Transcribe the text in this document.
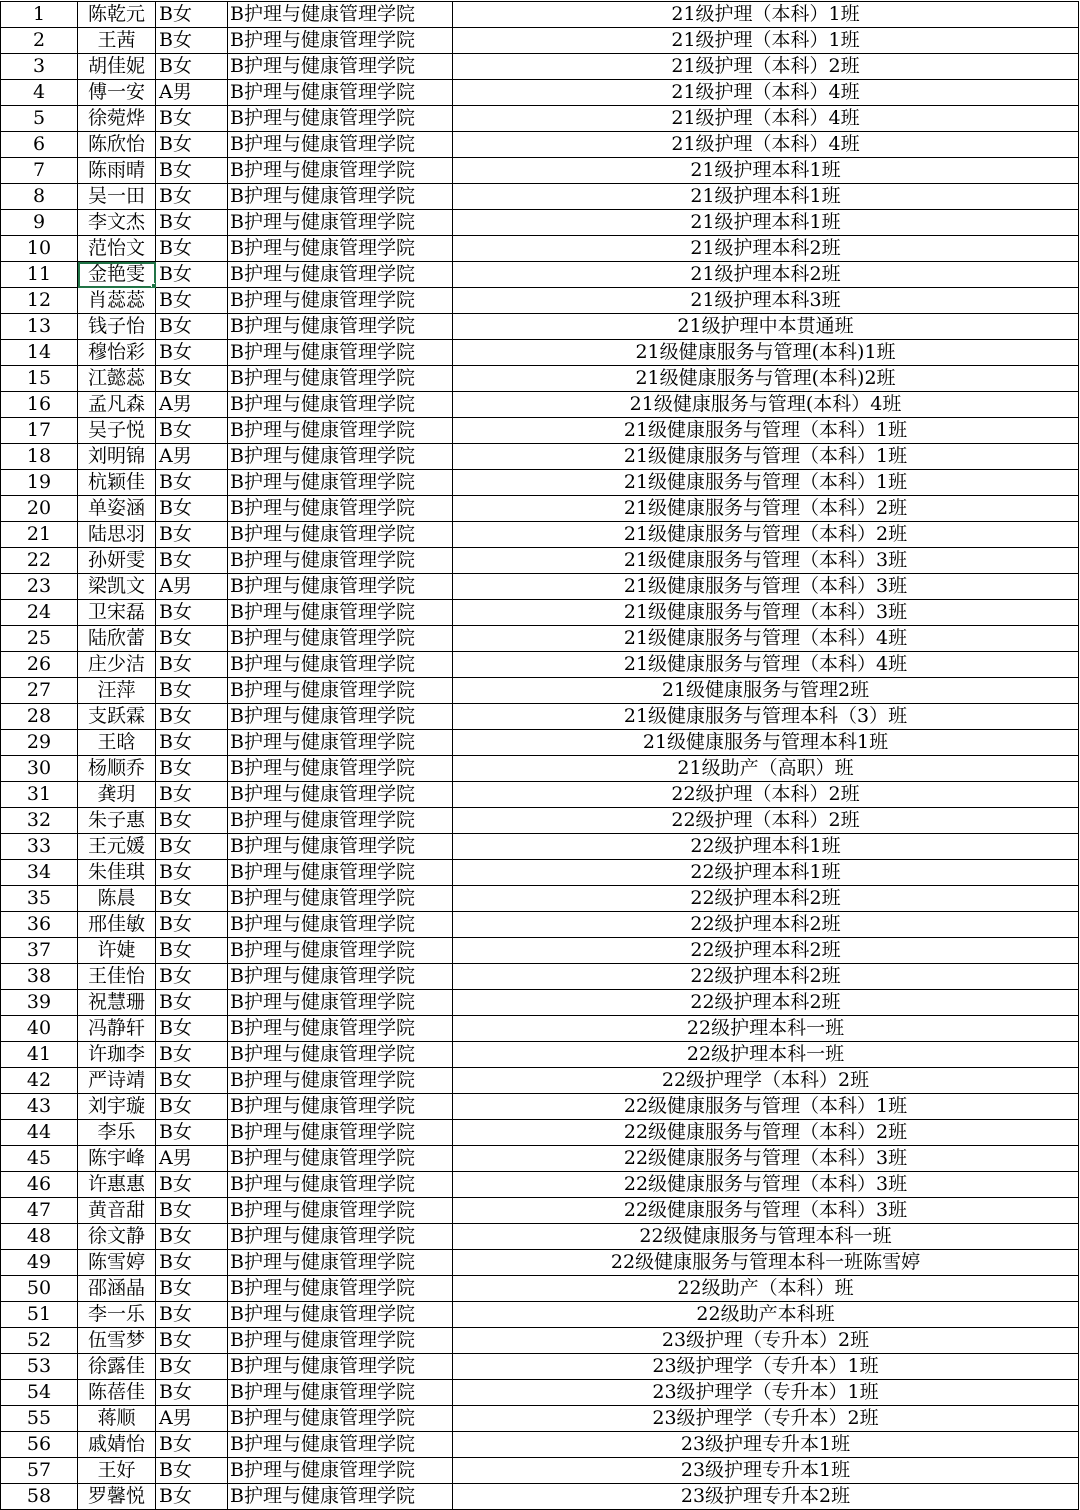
1	陈乾元	B女	B护理与健康管理学院	21级护理（本科）1班
2	王茜	B女	B护理与健康管理学院	21级护理（本科）1班
3	胡佳妮	B女	B护理与健康管理学院	21级护理（本科）2班
4	傅一安	A男	B护理与健康管理学院	21级护理（本科）4班
5	徐菀烨	B女	B护理与健康管理学院	21级护理（本科）4班
6	陈欣怡	B女	B护理与健康管理学院	21级护理（本科）4班
7	陈雨晴	B女	B护理与健康管理学院	21级护理本科1班
8	吴一田	B女	B护理与健康管理学院	21级护理本科1班
9	李文杰	B女	B护理与健康管理学院	21级护理本科1班
10	范怡文	B女	B护理与健康管理学院	21级护理本科2班
11	金艳雯	B女	B护理与健康管理学院	21级护理本科2班
12	肖蕊蕊	B女	B护理与健康管理学院	21级护理本科3班
13	钱子怡	B女	B护理与健康管理学院	21级护理中本贯通班
14	穆怡彩	B女	B护理与健康管理学院	21级健康服务与管理(本科)1班
15	江懿蕊	B女	B护理与健康管理学院	21级健康服务与管理(本科)2班
16	孟凡森	A男	B护理与健康管理学院	21级健康服务与管理(本科）4班
17	吴子悦	B女	B护理与健康管理学院	21级健康服务与管理（本科）1班
18	刘明锦	A男	B护理与健康管理学院	21级健康服务与管理（本科）1班
19	杭颖佳	B女	B护理与健康管理学院	21级健康服务与管理（本科）1班
20	单姿涵	B女	B护理与健康管理学院	21级健康服务与管理（本科）2班
21	陆思羽	B女	B护理与健康管理学院	21级健康服务与管理（本科）2班
22	孙妍雯	B女	B护理与健康管理学院	21级健康服务与管理（本科）3班
23	梁凯文	A男	B护理与健康管理学院	21级健康服务与管理（本科）3班
24	卫宋磊	B女	B护理与健康管理学院	21级健康服务与管理（本科）3班
25	陆欣蕾	B女	B护理与健康管理学院	21级健康服务与管理（本科）4班
26	庄少洁	B女	B护理与健康管理学院	21级健康服务与管理（本科）4班
27	汪萍	B女	B护理与健康管理学院	21级健康服务与管理2班
28	支跃霖	B女	B护理与健康管理学院	21级健康服务与管理本科（3）班
29	王晗	B女	B护理与健康管理学院	21级健康服务与管理本科1班
30	杨顺乔	B女	B护理与健康管理学院	21级助产（高职）班
31	龚玥	B女	B护理与健康管理学院	22级护理（本科）2班
32	朱子惠	B女	B护理与健康管理学院	22级护理（本科）2班
33	王元媛	B女	B护理与健康管理学院	22级护理本科1班
34	朱佳琪	B女	B护理与健康管理学院	22级护理本科1班
35	陈晨	B女	B护理与健康管理学院	22级护理本科2班
36	邢佳敏	B女	B护理与健康管理学院	22级护理本科2班
37	许婕	B女	B护理与健康管理学院	22级护理本科2班
38	王佳怡	B女	B护理与健康管理学院	22级护理本科2班
39	祝慧珊	B女	B护理与健康管理学院	22级护理本科2班
40	冯静轩	B女	B护理与健康管理学院	22级护理本科一班
41	许珈李	B女	B护理与健康管理学院	22级护理本科一班
42	严诗靖	B女	B护理与健康管理学院	22级护理学（本科）2班
43	刘宇璇	B女	B护理与健康管理学院	22级健康服务与管理（本科）1班
44	李乐	B女	B护理与健康管理学院	22级健康服务与管理（本科）2班
45	陈宇峰	A男	B护理与健康管理学院	22级健康服务与管理（本科）3班
46	许惠惠	B女	B护理与健康管理学院	22级健康服务与管理（本科）3班
47	黄音甜	B女	B护理与健康管理学院	22级健康服务与管理（本科）3班
48	徐文静	B女	B护理与健康管理学院	22级健康服务与管理本科一班
49	陈雪婷	B女	B护理与健康管理学院	22级健康服务与管理本科一班陈雪婷
50	邵涵晶	B女	B护理与健康管理学院	22级助产（本科）班
51	李一乐	B女	B护理与健康管理学院	22级助产本科班
52	伍雪梦	B女	B护理与健康管理学院	23级护理（专升本）2班
53	徐露佳	B女	B护理与健康管理学院	23级护理学（专升本）1班
54	陈蓓佳	B女	B护理与健康管理学院	23级护理学（专升本）1班
55	蒋顺	A男	B护理与健康管理学院	23级护理学（专升本）2班
56	戚婧怡	B女	B护理与健康管理学院	23级护理专升本1班
57	王好	B女	B护理与健康管理学院	23级护理专升本1班
58	罗馨悦	B女	B护理与健康管理学院	23级护理专升本2班
